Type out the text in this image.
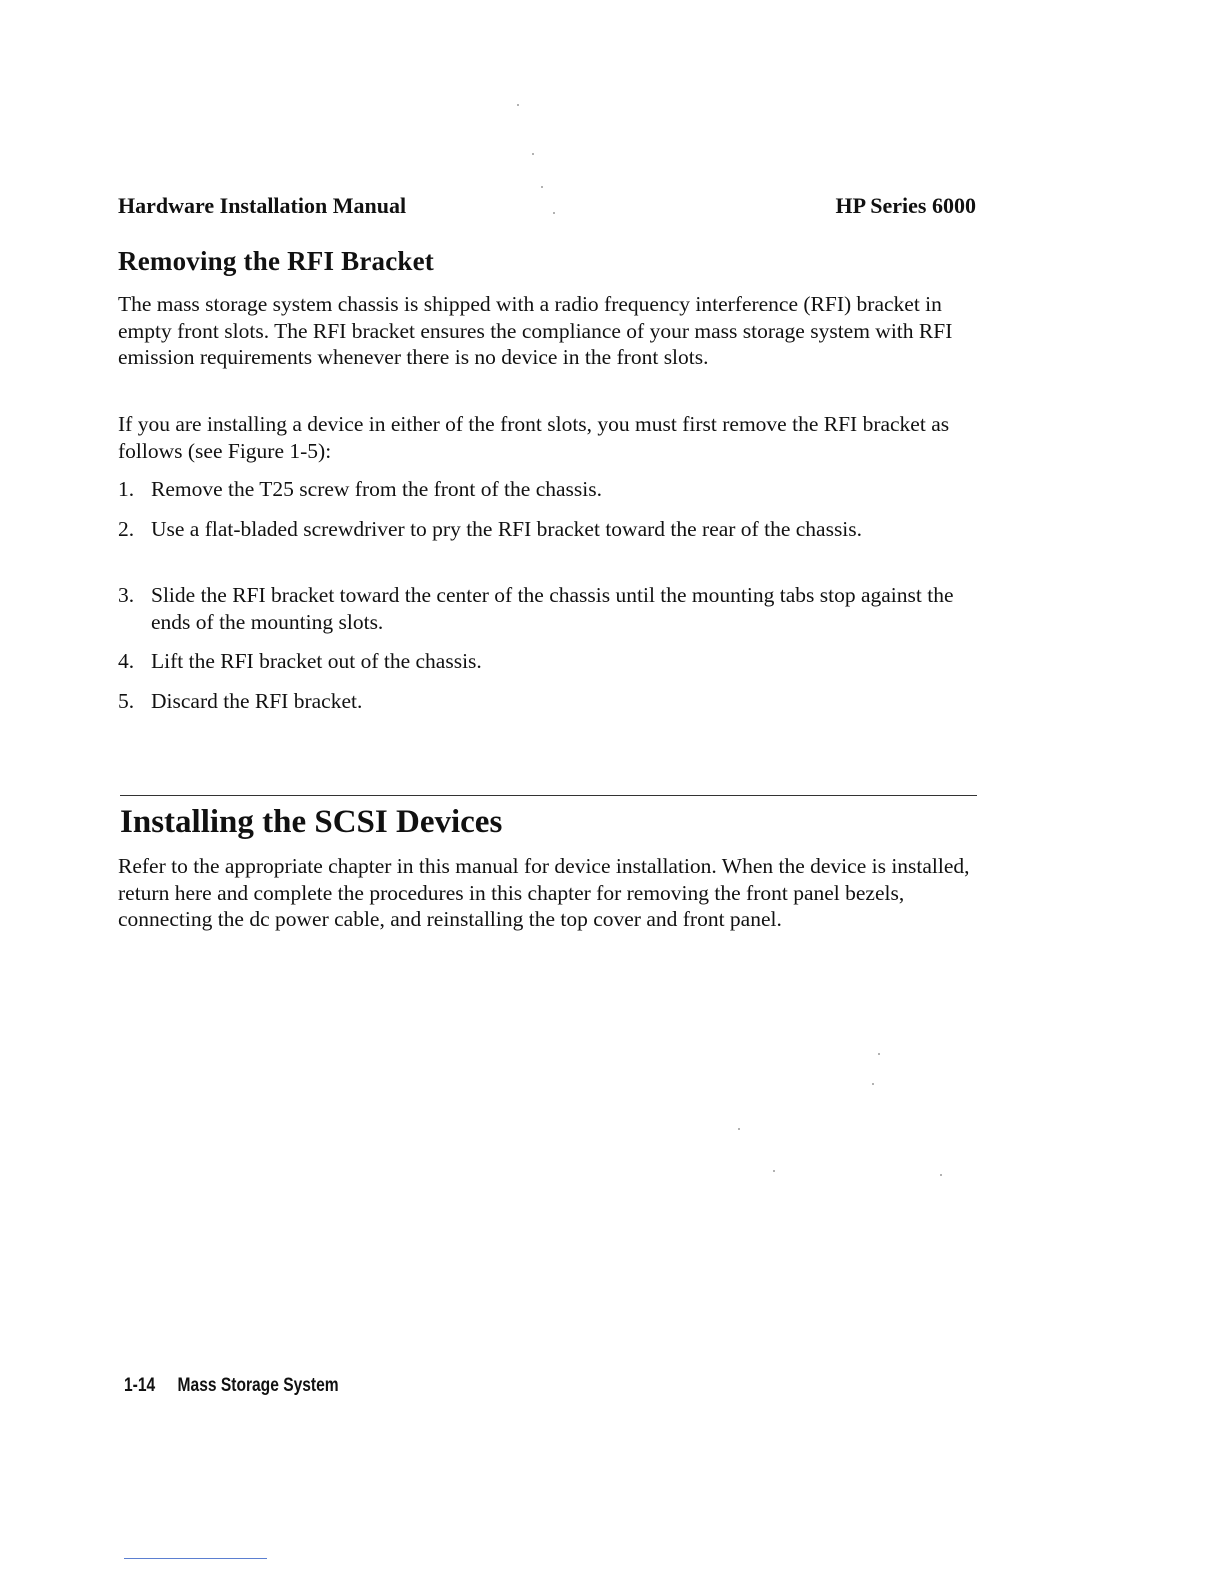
Hardware Installation Manual	HP Series 6000
Removing the RFI Bracket

The mass storage system chassis is shipped with a radio frequency interference (RFI) bracket in empty front slots. The RFI bracket ensures the compliance of your mass storage system with RFI emission requirements whenever there is no device in the front slots.

If you are installing a device in either of the front slots, you must first remove the RFI bracket as follows (see Figure 1-5):

1. Remove the T25 screw from the front of the chassis.
2. Use a flat-bladed screwdriver to pry the RFI bracket toward the rear of the chassis.
3. Slide the RFI bracket toward the center of the chassis until the mounting tabs stop against the ends of the mounting slots.
4. Lift the RFI bracket out of the chassis.
5. Discard the RFI bracket.
Installing the SCSI Devices

Refer to the appropriate chapter in this manual for device installation. When the device is installed, return here and complete the procedures in this chapter for removing the front panel bezels, connecting the dc power cable, and reinstalling the top cover and front panel.

1-14 Mass Storage System
